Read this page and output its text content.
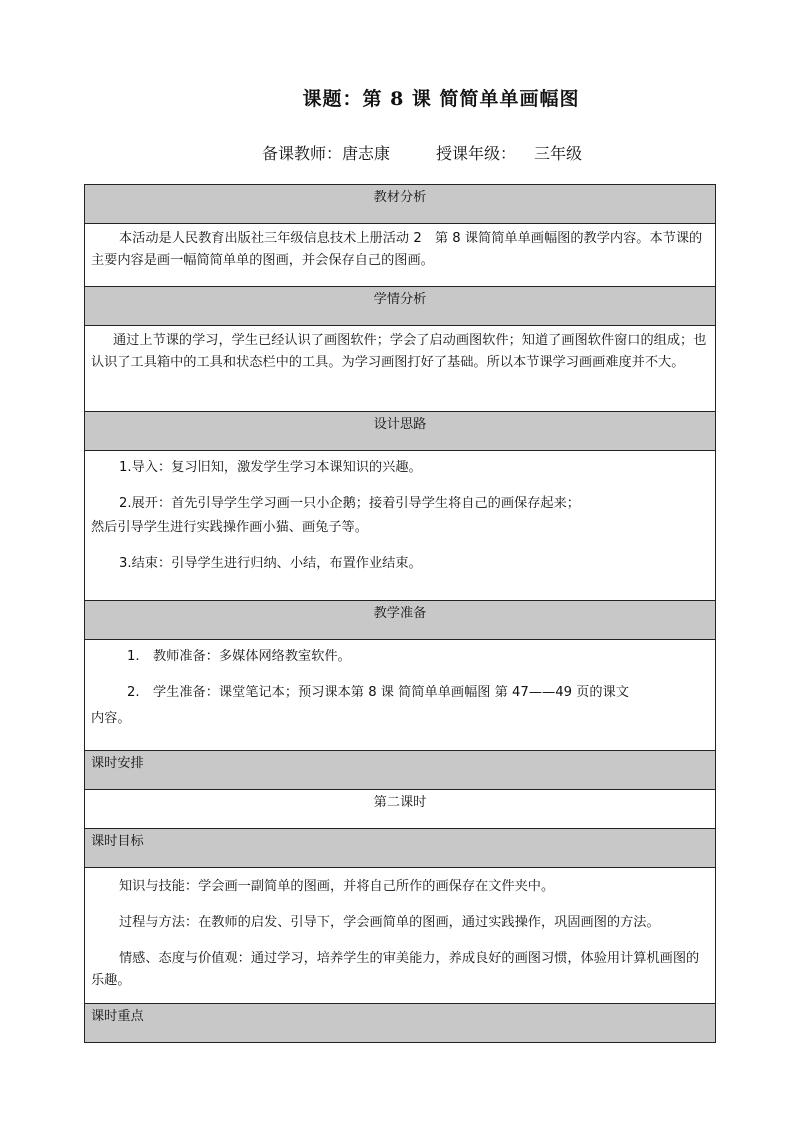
课题：第 8 课 简简单单画幅图
备课教师：唐志康	授课年级： 三年级
教材分析

本活动是人民教育出版社三年级信息技术上册活动 2　第 8 课简简单单画幅图的教学内容。本节课的主要内容是画一幅简简单单的图画，并会保存自己的图画。

学情分析

通过上节课的学习，学生已经认识了画图软件；学会了启动画图软件；知道了画图软件窗口的组成；也认识了工具箱中的工具和状态栏中的工具。为学习画图打好了基础。所以本节课学习画画难度并不大。

设计思路

1.导入：复习旧知，激发学生学习本课知识的兴趣。

2.展开：首先引导学生学习画一只小企鹅；接着引导学生将自己的画保存起来；

然后引导学生进行实践操作画小猫、画兔子等。

3.结束：引导学生进行归纳、小结，布置作业结束。

教学准备

1. 教师准备：多媒体网络教室软件。

2. 学生准备：课堂笔记本；预习课本第 8 课 简简单单画幅图 第 47——49 页的课文

内容。

课时安排
第二课时
课时目标

知识与技能：学会画一副简单的图画，并将自己所作的画保存在文件夹中。

过程与方法：在教师的启发、引导下，学会画简单的图画，通过实践操作，巩固画图的方法。

情感、态度与价值观：通过学习，培养学生的审美能力，养成良好的画图习惯，体验用计算机画图的乐趣。

课时重点
